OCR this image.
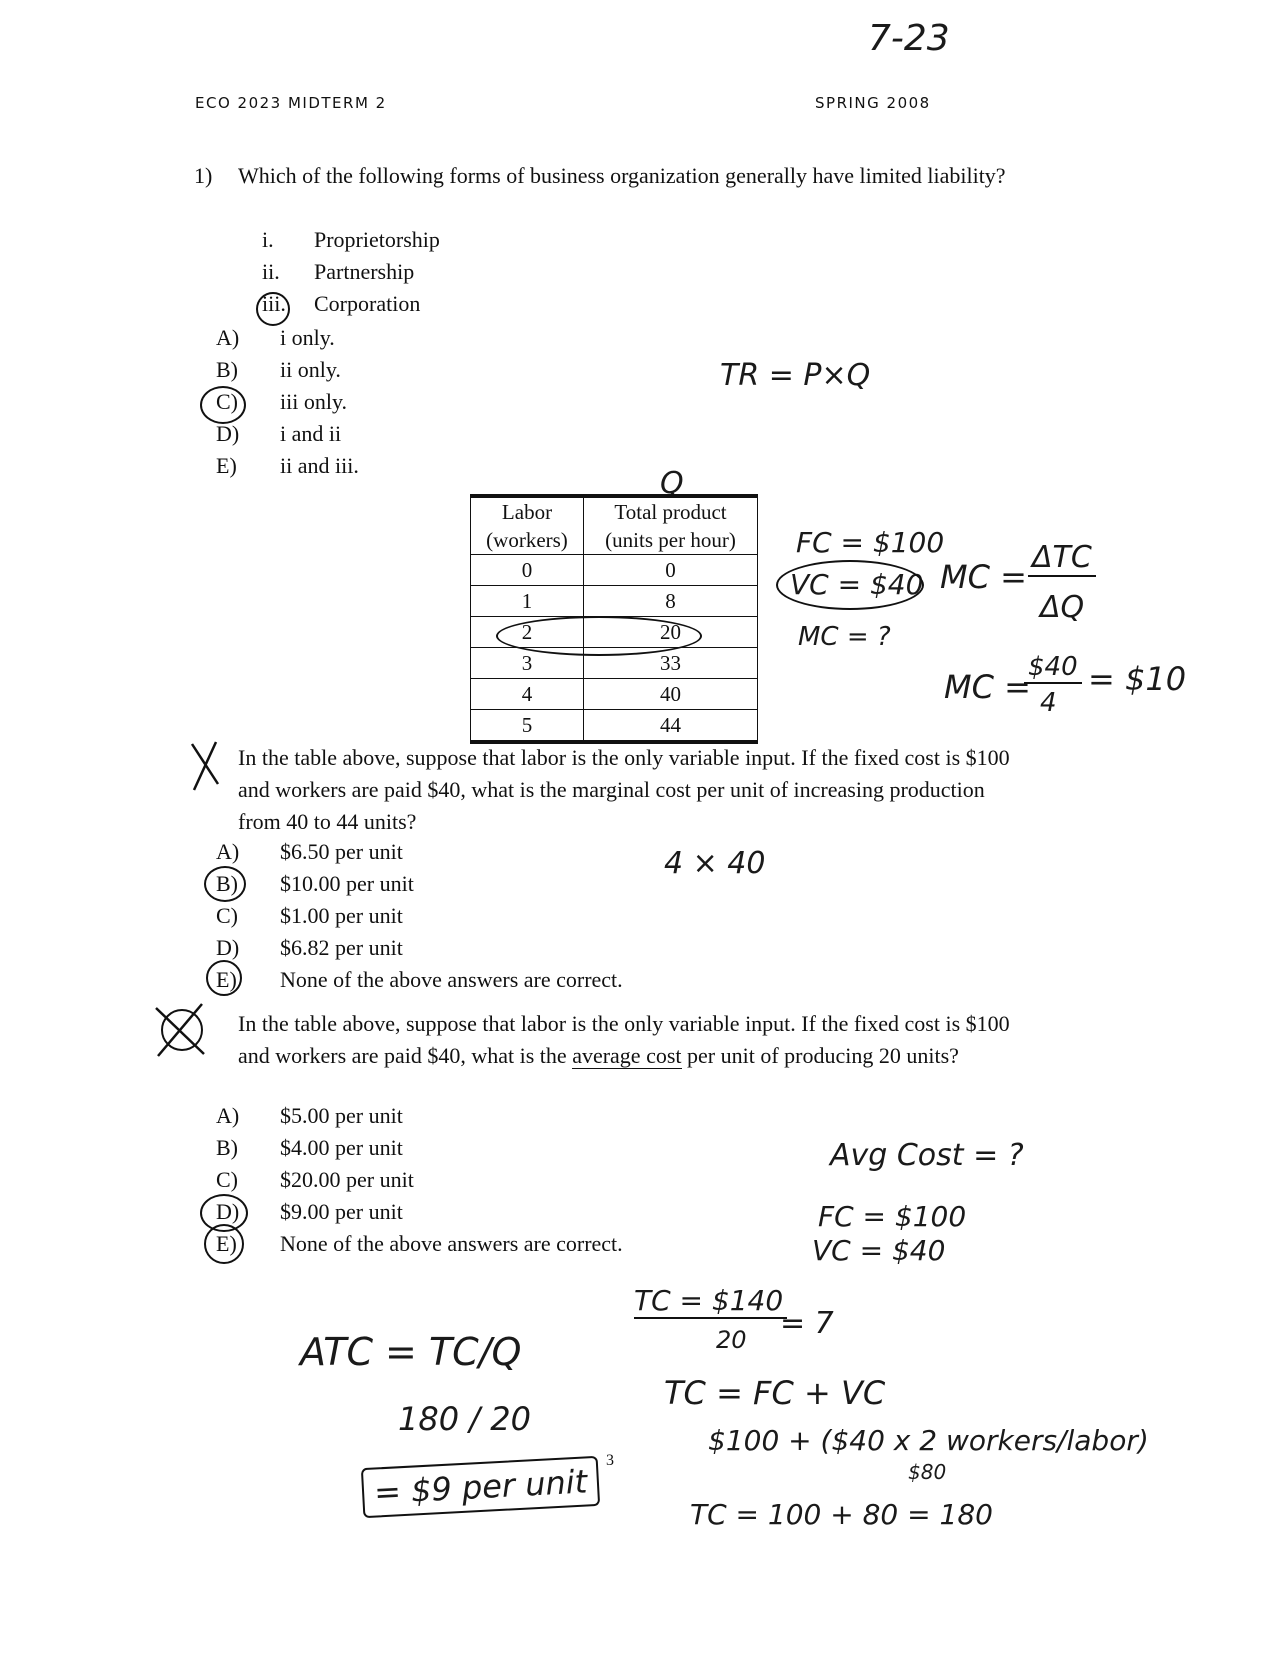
7-23
ECO 2023 MIDTERM 2	SPRING 2008
1) Which of the following forms of business organization generally have limited liability?
i. Proprietorship
ii. Partnership
iii. Corporation
A) i only.
B) ii only.
C) iii only.
D) i and ii
E) ii and iii.
TR = P×Q
Q
Labor
(workers)	Total product
(units per hour)
0	0
1	8
2	20
3	33
4	40
5	44
FC = $100
VC = $40 MC =
ΔTC
ΔQ
MC = ?
MC =
$40
4
= $10
In the table above, suppose that labor is the only variable input. If the fixed cost is $100 and workers are paid $40, what is the marginal cost per unit of increasing production from 40 to 44 units?
A) $6.50 per unit
B) $10.00 per unit
C) $1.00 per unit
D) $6.82 per unit
E) None of the above answers are correct.
4 × 40
In the table above, suppose that labor is the only variable input. If the fixed cost is $100 and workers are paid $40, what is the average cost per unit of producing 20 units?
A) $5.00 per unit
B) $4.00 per unit
C) $20.00 per unit
D) $9.00 per unit
E) None of the above answers are correct.
Avg Cost = ?
FC = $100
VC = $40
TC = $140
20 = 7
ATC = TC/Q
TC = FC + VC
180 / 20
$100 + ($40 x 2 workers/labor)
$80
= $9 per unit
3
TC = 100 + 80 = 180
